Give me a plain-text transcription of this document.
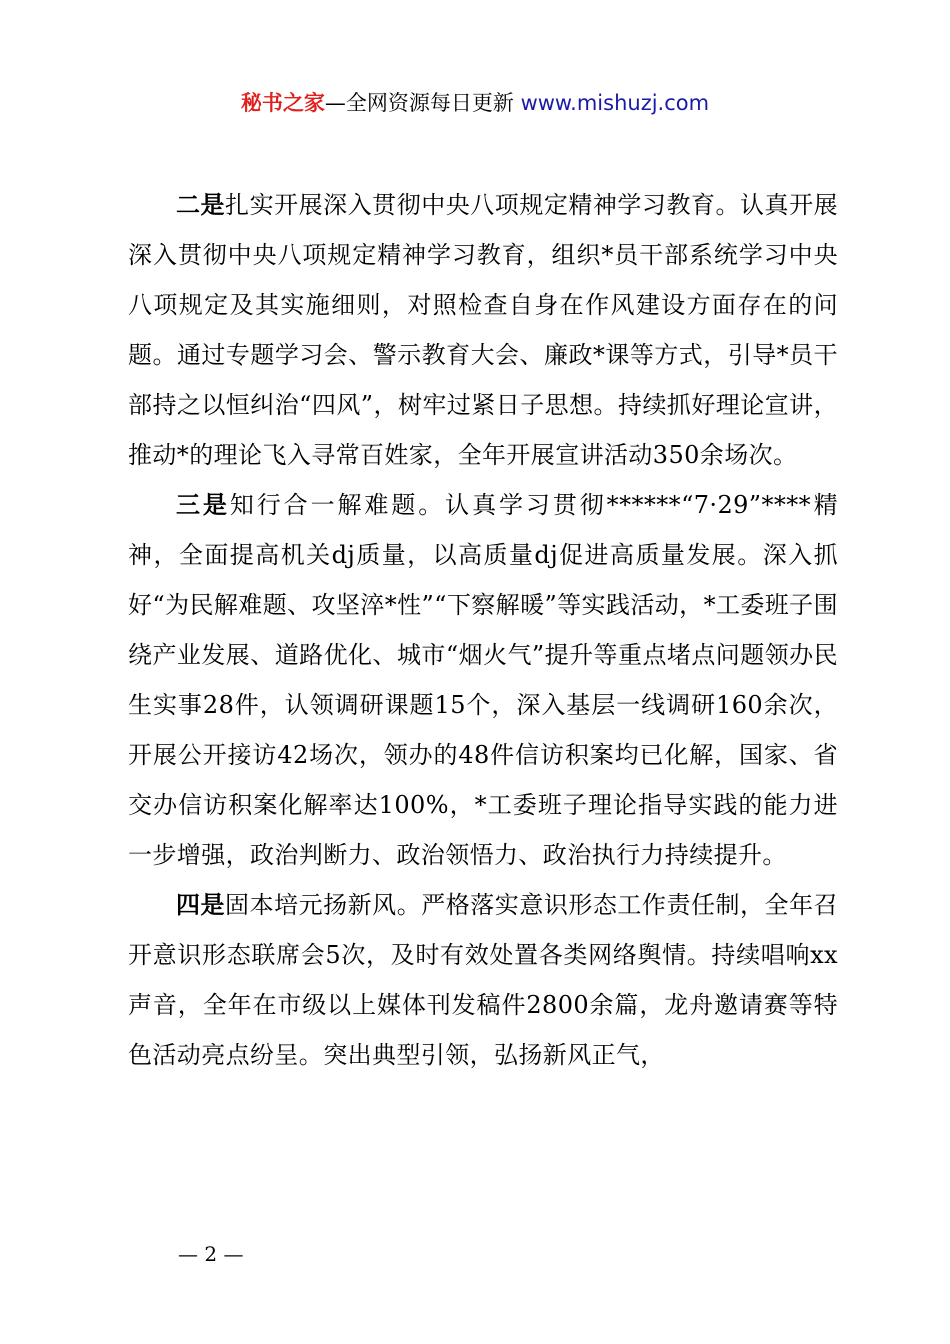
秘书之家—全网资源每日更新 www.mishuzj.com

二是扎实开展深入贯彻中央八项规定精神学习教育。认真开展深入贯彻中央八项规定精神学习教育，组织*员干部系统学习中央八项规定及其实施细则，对照检查自身在作风建设方面存在的问题。通过专题学习会、警示教育大会、廉政*课等方式，引导*员干部持之以恒纠治“四风”，树牢过紧日子思想。持续抓好理论宣讲，推动*的理论飞入寻常百姓家，全年开展宣讲活动350余场次。

三是知行合一解难题。认真学习贯彻******“7·29”****精神，全面提高机关dj质量，以高质量dj促进高质量发展。深入抓好“为民解难题、攻坚淬*性”“下察解暖”等实践活动，*工委班子围绕产业发展、道路优化、城市“烟火气”提升等重点堵点问题领办民生实事28件，认领调研课题15个，深入基层一线调研160余次，开展公开接访42场次，领办的48件信访积案均已化解，国家、省交办信访积案化解率达100%，*工委班子理论指导实践的能力进一步增强，政治判断力、政治领悟力、政治执行力持续提升。

四是固本培元扬新风。严格落实意识形态工作责任制，全年召开意识形态联席会5次，及时有效处置各类网络舆情。持续唱响xx声音，全年在市级以上媒体刊发稿件2800余篇，龙舟邀请赛等特色活动亮点纷呈。突出典型引领，弘扬新风正气，

— 2 —
